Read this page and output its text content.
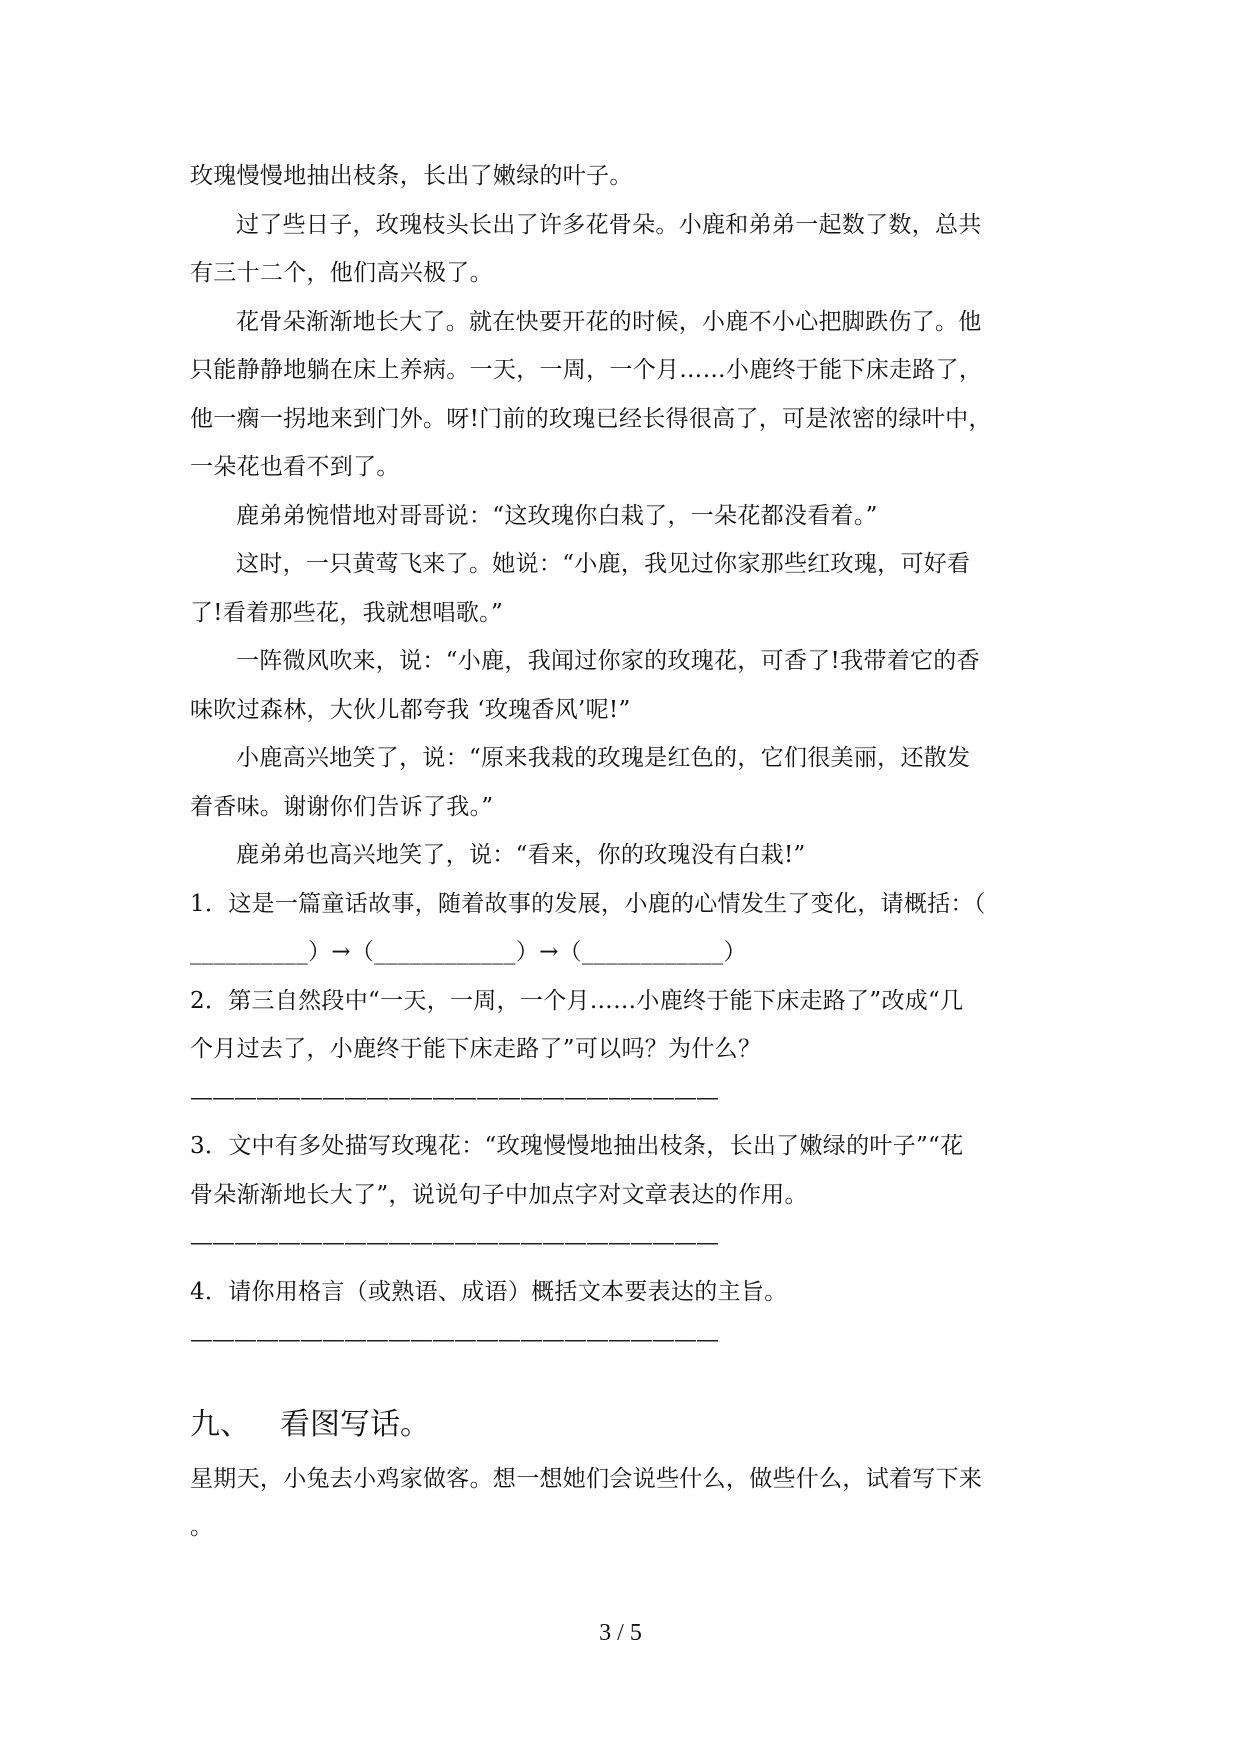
玫瑰慢慢地抽出枝条，长出了嫩绿的叶子。
过了些日子，玫瑰枝头长出了许多花骨朵。小鹿和弟弟一起数了数，总共
有三十二个，他们高兴极了。
花骨朵渐渐地长大了。就在快要开花的时候，小鹿不小心把脚跌伤了。他
只能静静地躺在床上养病。一天，一周，一个月……小鹿终于能下床走路了，
他一瘸一拐地来到门外。呀!门前的玫瑰已经长得很高了，可是浓密的绿叶中，
一朵花也看不到了。
鹿弟弟惋惜地对哥哥说：“这玫瑰你白栽了，一朵花都没看着。”
这时，一只黄莺飞来了。她说：“小鹿，我见过你家那些红玫瑰，可好看
了!看着那些花，我就想唱歌。”
一阵微风吹来，说：“小鹿，我闻过你家的玫瑰花，可香了!我带着它的香
味吹过森林，大伙儿都夸我 ‘玫瑰香风’呢!”
小鹿高兴地笑了，说：“原来我栽的玫瑰是红色的，它们很美丽，还散发
着香味。谢谢你们告诉了我。”
鹿弟弟也高兴地笑了，说：“看来，你的玫瑰没有白栽!”
1．这是一篇童话故事，随着故事的发展，小鹿的心情发生了变化，请概括：（
__________）→（____________）→（____________）
2．第三自然段中“一天，一周，一个月……小鹿终于能下床走路了”改成“几
个月过去了，小鹿终于能下床走路了”可以吗？为什么？
————————————————————————
3．文中有多处描写玫瑰花：“玫瑰慢慢地抽出枝条，长出了嫩绿的叶子”“花
骨朵渐渐地长大了”，说说句子中加点字对文章表达的作用。
————————————————————————
4．请你用格言（或熟语、成语）概括文本要表达的主旨。
————————————————————————
九、 看图写话。
星期天，小兔去小鸡家做客。想一想她们会说些什么，做些什么，试着写下来
。
3 / 5
